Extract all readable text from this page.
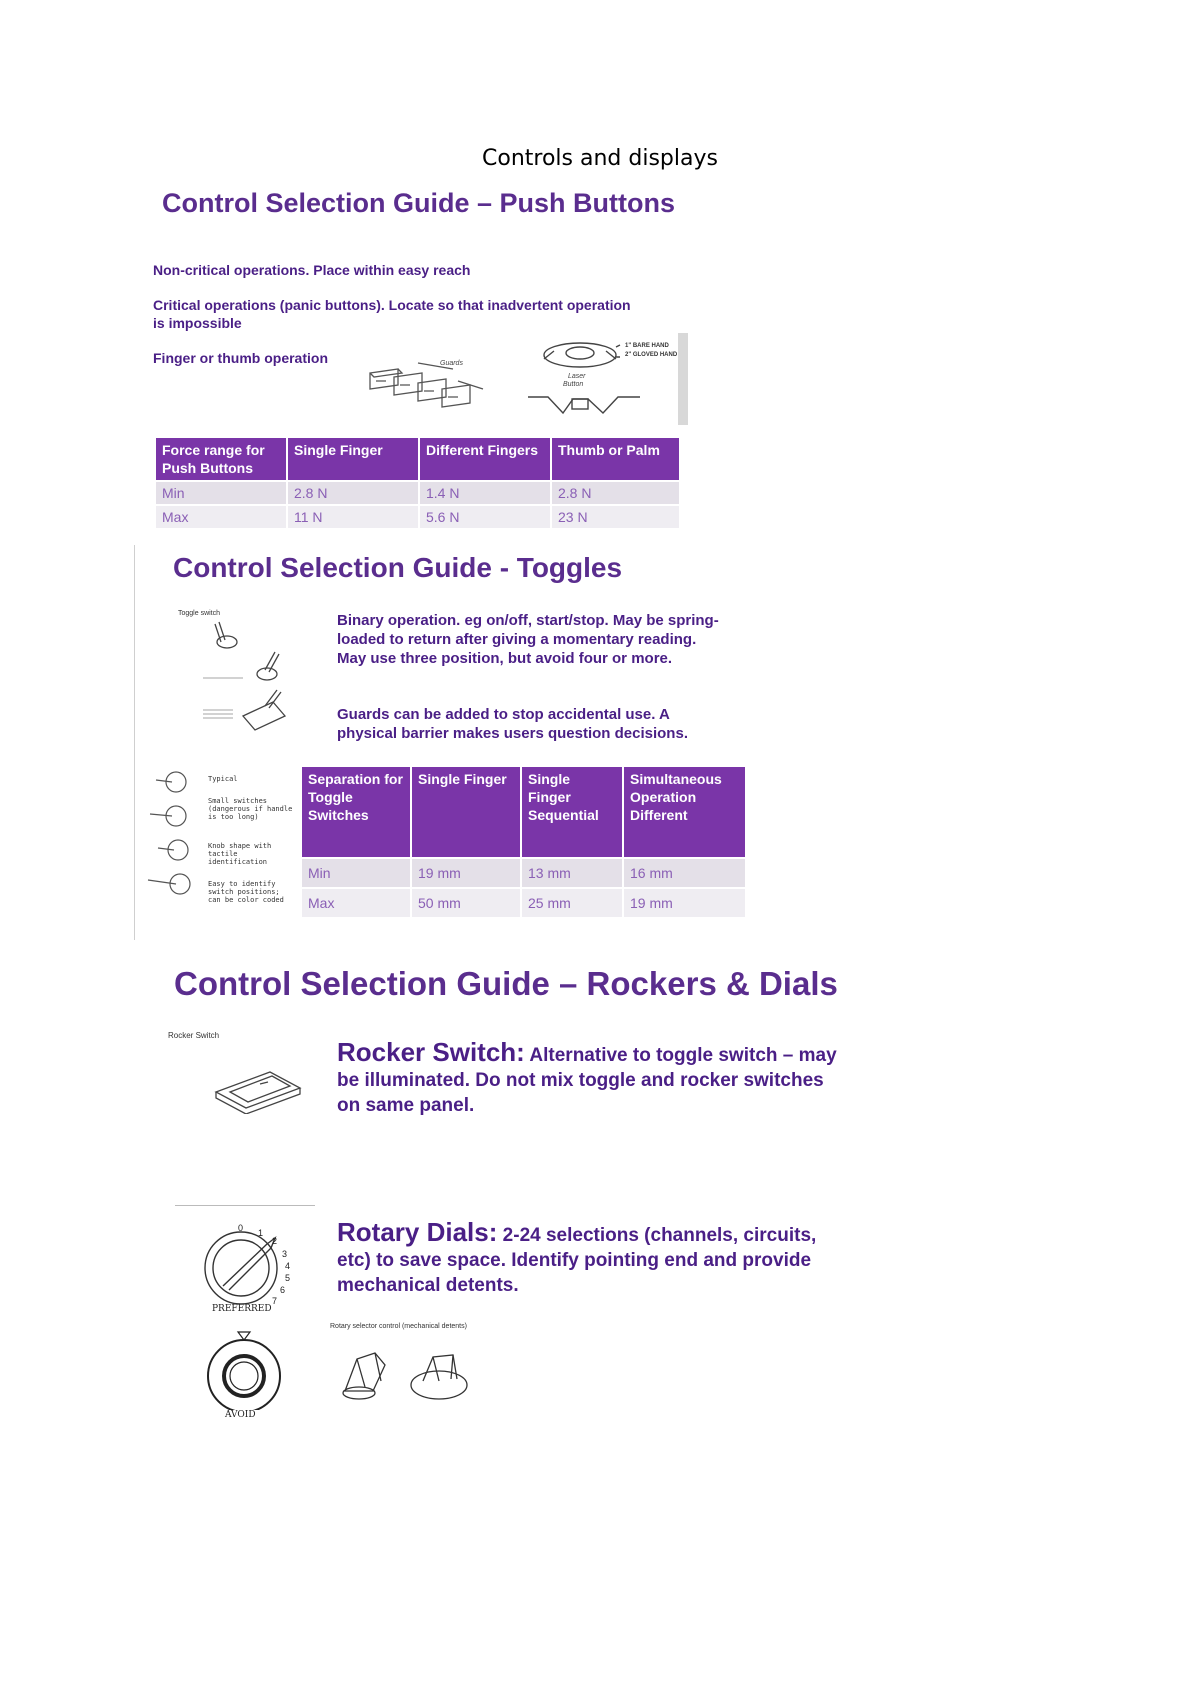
Controls and displays
Control Selection Guide – Push Buttons
Non-critical operations. Place within easy reach
Critical operations (panic buttons). Locate so that inadvertent operation
is impossible
Finger or thumb operation	Guards
1" BARE HAND
2" GLOVED HAND
Laser
Button
Force range for Push Buttons	Single Finger	Different Fingers	Thumb or Palm
Min	2.8 N	1.4 N	2.8 N
Max	11 N	5.6 N	23 N
Control Selection Guide - Toggles
Toggle switch	Binary operation. eg on/off, start/stop. May be spring-loaded to return after giving a momentary reading. May use three position, but avoid four or more.
Guards can be added to stop accidental use. A physical barrier makes users question decisions.
Typical
Small switches (dangerous if handle is too long)
Knob shape with tactile identification
Easy to identify switch positions; can be color coded
Separation for Toggle Switches	Single Finger	Single Finger Sequential	Simultaneous Operation Different
Min	19 mm	13 mm	16 mm
Max	50 mm	25 mm	19 mm
Control Selection Guide – Rockers & Dials
Rocker Switch
Rocker Switch: Alternative to toggle switch – may be illuminated. Do not mix toggle and rocker switches on same panel.
0 1
2
3
4
5
6
7
PREFERRED
AVOID
Rotary Dials: 2-24 selections (channels, circuits, etc) to save space. Identify pointing end and provide mechanical detents.
Rotary selector control (mechanical detents)
